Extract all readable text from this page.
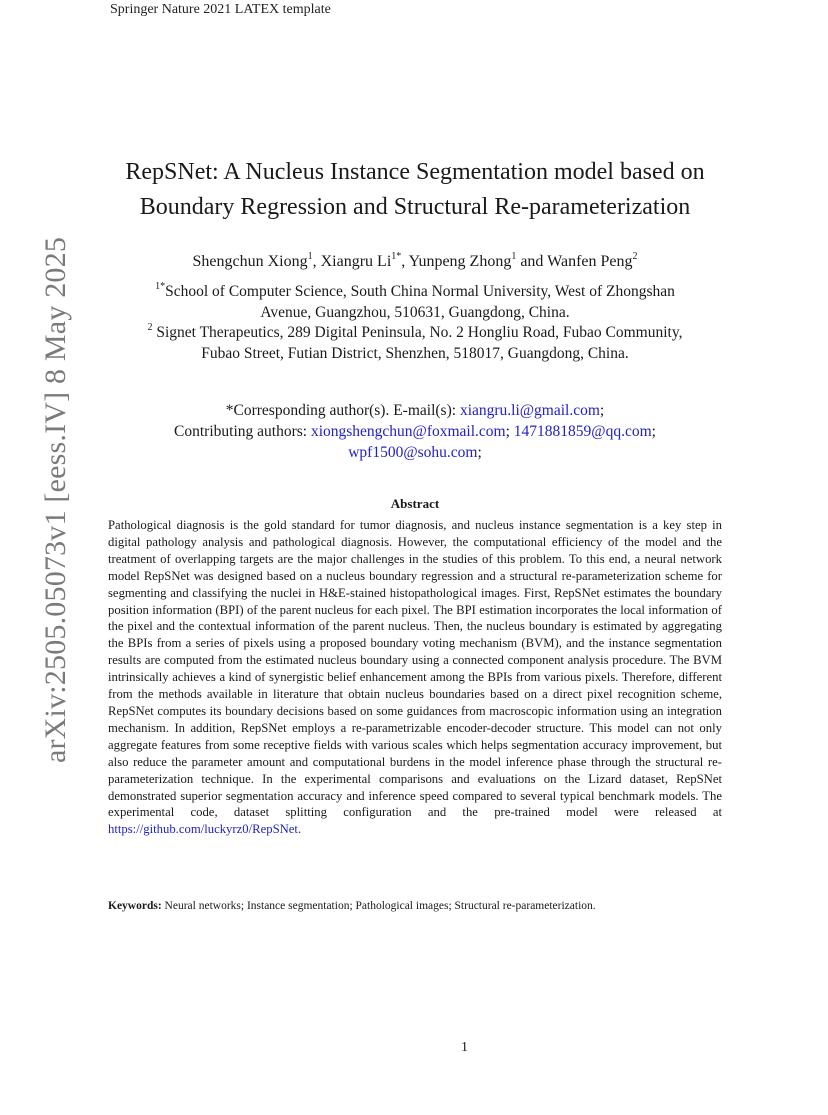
Springer Nature 2021 LATEX template
arXiv:2505.05073v1 [eess.IV] 8 May 2025
RepSNet: A Nucleus Instance Segmentation model based on
Boundary Regression and Structural Re-parameterization
Shengchun Xiong$^1$, Xiangru $Li^{1*}$, Yunpeng Zhong$^1$ and Wanfen Peng$^2$
$^{1*}$School of Computer Science, South China Normal University, West of Zhongshan
Avenue, Guangzhou, 510631, Guangdong, China.
$^2$ Signet Therapeutics, 289 Digital Peninsula, No. 2 Hongliu Road, Fubao Community,
Fubao Street, Futian District, Shenzhen, 518017, Guangdong, China.
*Corresponding author(s). E-mail(s): xiangru.li@gmail.com;
Contributing authors: xiongshengchun@foxmail.com; 1471881859@qq.com;
wpf1500@sohu.com;
Abstract
Pathological diagnosis is the gold standard for tumor diagnosis, and nucleus instance segmentation is a key step in digital pathology analysis and pathological diagnosis. However, the computational efficiency of the model and the treatment of overlapping targets are the major challenges in the studies of this problem. To this end, a neural network model RepSNet was designed based on a nucleus boundary regression and a structural re-parameterization scheme for segmenting and classifying the nuclei in H&E-stained histopathological images. First, RepSNet estimates the boundary position information (BPI) of the parent nucleus for each pixel. The BPI estimation incorporates the local information of the pixel and the contextual information of the parent nucleus. Then, the nucleus boundary is estimated by aggregating the BPIs from a series of pixels using a proposed boundary voting mechanism (BVM), and the instance segmentation results are computed from the estimated nucleus boundary using a connected component analysis procedure. The BVM intrinsically achieves a kind of synergistic belief enhancement among the BPIs from various pixels. Therefore, different from the methods available in literature that obtain nucleus boundaries based on a direct pixel recognition scheme, RepSNet computes its boundary decisions based on some guidances from macroscopic information using an integration mechanism. In addition, RepSNet employs a re-parametrizable encoder-decoder structure. This model can not only aggregate features from some receptive fields with various scales which helps segmentation accuracy improvement, but also reduce the parameter amount and computational burdens in the model inference phase through the structural re-parameterization technique. In the experimental comparisons and evaluations on the Lizard dataset, RepSNet demonstrated superior segmentation accuracy and inference speed compared to several typical benchmark models. The experimental code, dataset splitting configuration and the pre-trained model were released at https://github.com/luckyrz0/RepSNet.
Keywords: Neural networks; Instance segmentation; Pathological images; Structural re-parameterization.
1
